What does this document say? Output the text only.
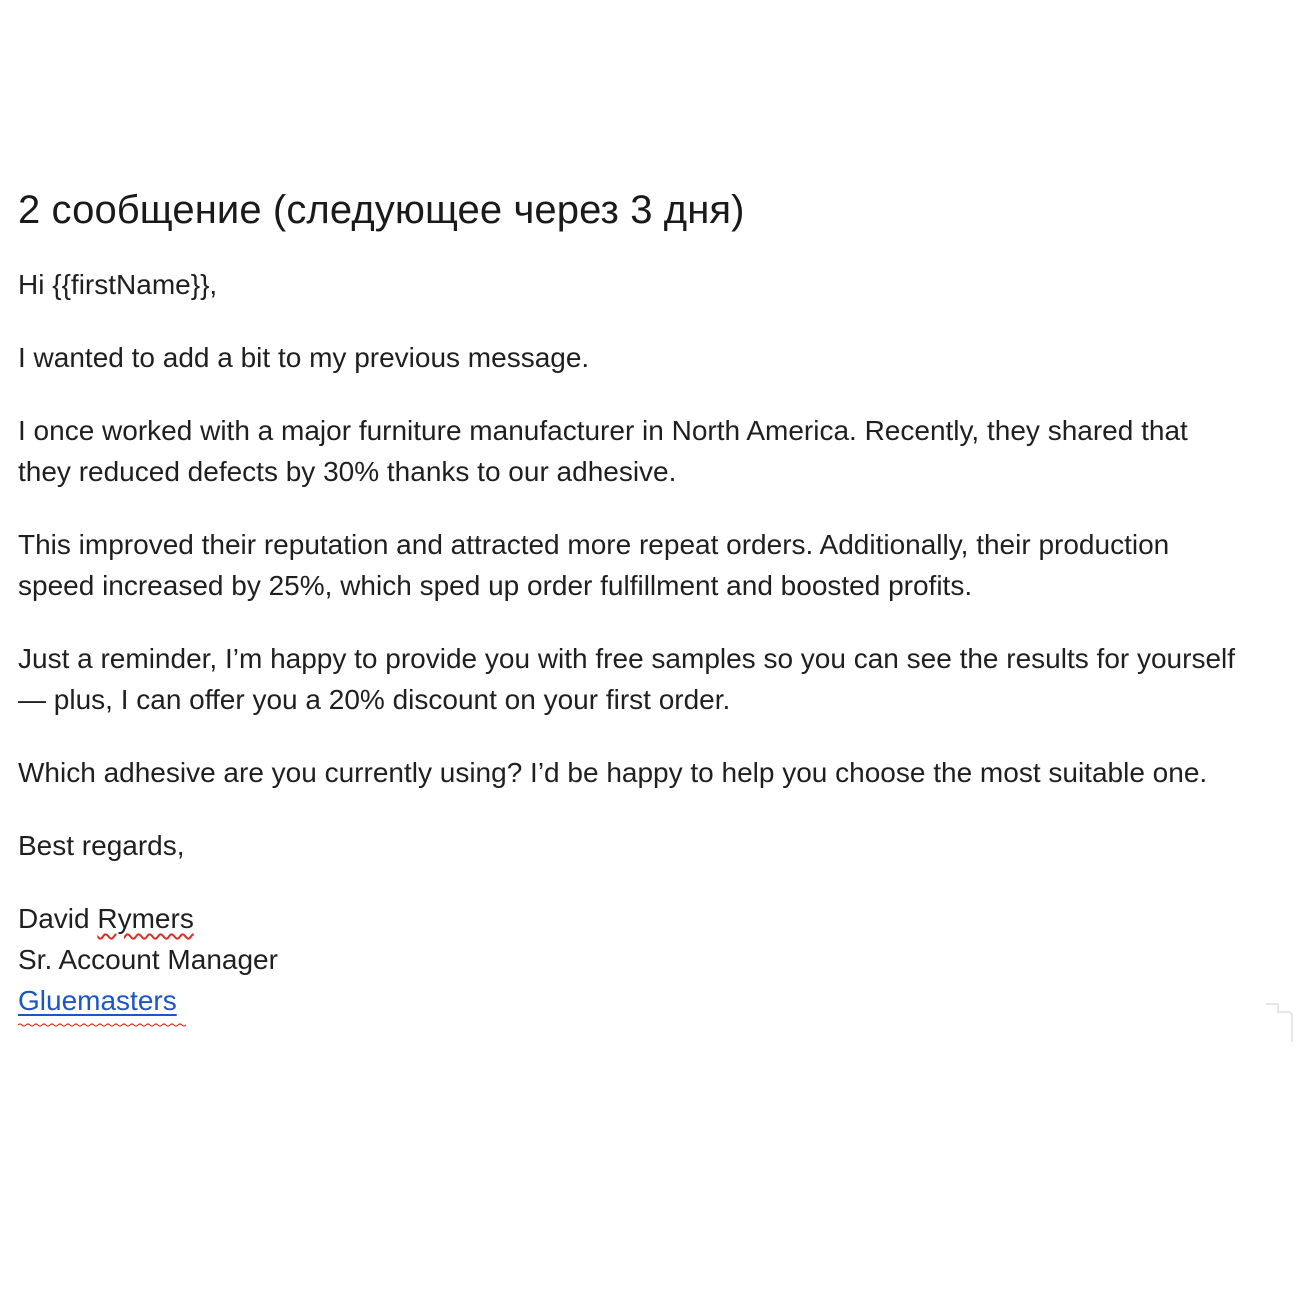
2 сообщение (следующее через 3 дня)

Hi {{firstName}},

I wanted to add a bit to my previous message.

I once worked with a major furniture manufacturer in North America. Recently, they shared that they reduced defects by 30% thanks to our adhesive.

This improved their reputation and attracted more repeat orders. Additionally, their production speed increased by 25%, which sped up order fulfillment and boosted profits.

Just a reminder, I’m happy to provide you with free samples so you can see the results for yourself — plus, I can offer you a 20% discount on your first order.

Which adhesive are you currently using? I’d be happy to help you choose the most suitable one.

Best regards,

David Rymers

Sr. Account Manager

Gluemasters
